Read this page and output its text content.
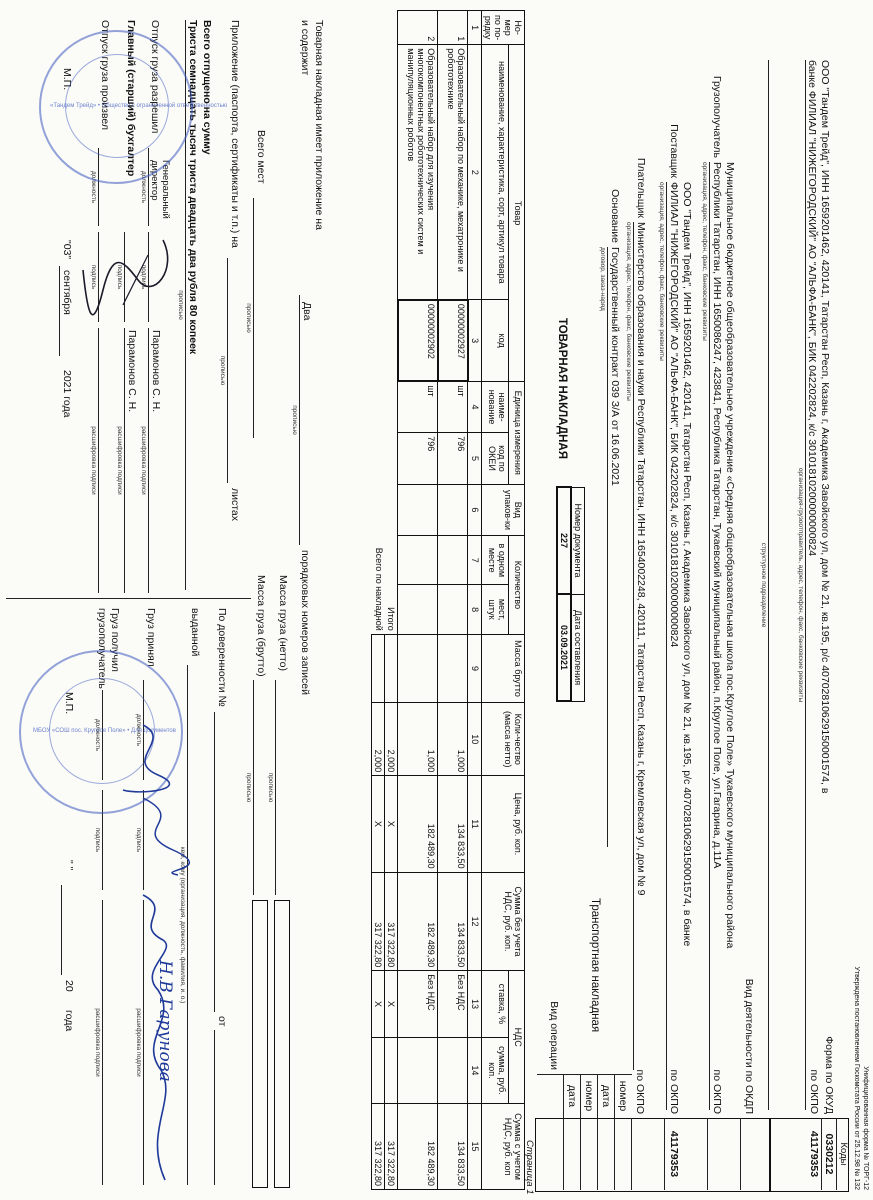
Унифицированная форма № ТОРГ-12
Утверждена постановлением Госкомстата России от 25.12.98 № 132
Коды
0330212
Форма по ОКУД
41179353
по ОКПО
ООО "Тандем Трейд", ИНН 1659201462, 420141, Татарстан Респ, Казань г, Академика Завойского ул, дом № 21, кв.195, р/с 40702810629150001574, в
банке ФИЛИАЛ "НИЖЕГОРОДСКИЙ" АО "АЛЬФА-БАНК", БИК 042202824, к/с 30101810200000000824
организация-грузоотправитель, адрес, телефон, факс, банковские реквизиты
структурное подразделение
Вид деятельности по ОКДП
по ОКПО
по ОКПО
41179353
по ОКПО
номер
дата
номер
дата
Вид операции
Транспортная накладная
Грузополучатель
Муниципальное бюджетное общеобразовательное учреждение «Средняя общеобразовательная школа пос.Круглое Поле» Тукаевского муниципального района
Республики Татарстан, ИНН 1650086247, 423841, Республика Татарстан, Тукаевский муниципальный район, п.Круглое Поле, ул.Гагарина, д.11А
организация, адрес, телефон, факс, банковские реквизиты
Поставщик
ООО "Тандем Трейд", ИНН 1659201462, 420141, Татарстан Респ, Казань г, Академика Завойского ул, дом № 21, кв.195, р/с 40702810629150001574, в банке
ФИЛИАЛ "НИЖЕГОРОДСКИЙ" АО "АЛЬФА-БАНК", БИК 042202824, к/с 30101810200000000824
организация, адрес, телефон, факс, банковские реквизиты
Плательщик
Министерство образования и науки Республики Татарстан, ИНН 1654002248, 420111, Татарстан Респ, Казань г, Кремлевская ул, дом № 9
организация, адрес, телефон, факс, банковские реквизиты
Основание
Государственный контракт 039 З/А от 16.06.2021
договор, заказ-наряд
ТОВАРНАЯ НАКЛАДНАЯ
Номер документа	Дата составления
227	03.09.2021
Страница 1
Но-мер по по-рядку	Товар		Единица измерения		Вид упаков-ки	Количество		Масса брутто	Коли-чество (масса нетто)	Цена, руб. коп.	Сумма без учета НДС, руб. коп.	НДС		Сумма с учетом НДС, руб. коп
	наименование, характеристика, сорт, артикул товара	код	наиме-нование	код по ОКЕИ		в одном месте	мест, штук					ставка, %	сумма, руб. коп.	
1	2	3	4	5	6	7	8	9	10	11	12	13	14	15
1	Образовательный набор по механике, мехатронике и робототехнике	00000002927	шт	796					1,000	134 833,50	134 833,50	Без НДС		134 833,50
2	Образовательный набор для изучения многокомпонентных робототехнических систем и манипуляционных роботов	00000002902	шт	796					1,000	182 489,30	182 489,30	Без НДС		182 489,30
Итого									2,000	X	317 322,80	X		317 322,80
Всего по накладной									2,000	X	317 322,80	X		317 322,80
Товарная накладная имеет приложение на
и содержит
Два
прописью
порядковых номеров записей
Масса груза (нетто)
прописью
Масса груза (брутто)
прописью
Всего мест
прописью
Приложение (паспорта, сертификаты и т.п.) на
прописью
листах
Всего отпущено на сумму
Триста семнадцать тысяч триста двадцать два рубля 80 копеек
прописью
Отпуск груза разрешил
Генеральный директор
должность
подпись
Парамонов С. Н.
расшифровка подписи
Главный (старший) бухгалтер
подпись
Парамонов С. Н.
расшифровка подписи
Отпуск груза произвел
должность
подпись
расшифровка подписи
М.П.
"03"
сентября
2021 года
По доверенности №
от
выданной
кем, кому (организация, должность, фамилия, и. о.)
Груз принял
должность
подпись
расшифровка подписи
Груз получил грузополучатель
должность
подпись
расшифровка подписи
М.П.
" "
20
года
«Тандем Трейд» • Общество с ограниченной ответственностью
МБОУ «СОШ пос. Круглое Поле» • Для документов
Н.В Гарунова
